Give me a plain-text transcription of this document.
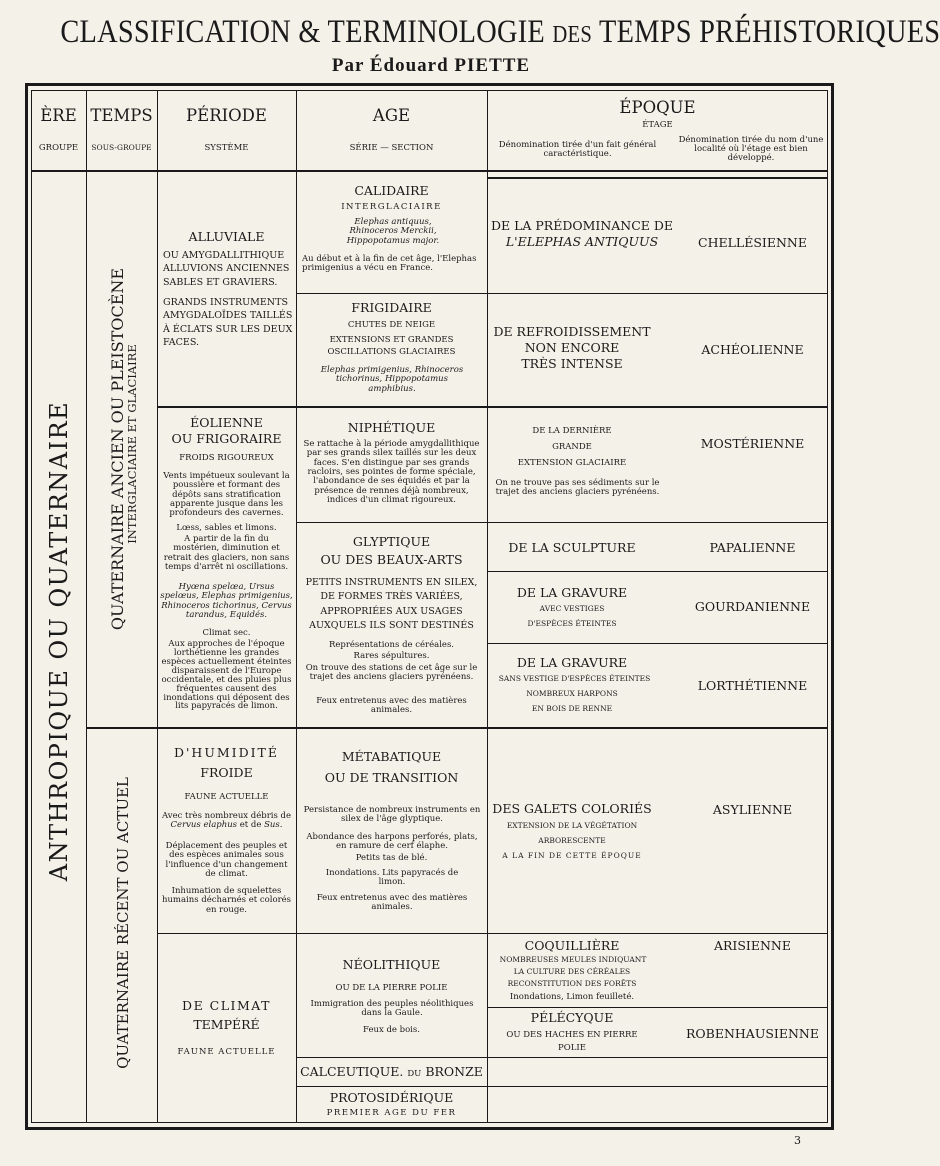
CLASSIFICATION & TERMINOLOGIE DES TEMPS PRÉHISTORIQUES
Par Édouard PIETTE
ÈRE
GROUPE
TEMPS
SOUS-GROUPE
PÉRIODE
SYSTÈME
AGE
SÉRIE — SECTION
ÉPOQUE
ÉTAGE
Dénomination tirée d'un fait général caractéristique.
Dénomination tirée du nom d'une localité où l'étage est bien développé.
ANTHROPIQUE OU QUATERNAIRE QUATERNAIRE ANCIEN OU PLEISTOCÈNE
INTERGLACIAIRE ET GLACIAIRE
QUATERNAIRE RÉCENT OU ACTUEL
ALLUVIALE
OU AMYGDALLITHIQUE ALLUVIONS ANCIENNES SABLES ET GRAVIERS.
GRANDS INSTRUMENTS AMYGDALOÏDES TAILLÉS À ÉCLATS SUR LES DEUX FACES.
ÉOLIENNE
OU FRIGORAIRE
FROIDS RIGOUREUX
Vents impétueux soulevant la poussière et formant des dépôts sans stratification apparente jusque dans les profondeurs des cavernes.
Lœss, sables et limons.
A partir de la fin du mostérien, diminution et retrait des glaciers, non sans temps d'arrêt ni oscillations.
Hyœna spelœa, Ursus spelœus, Elephas primigenius, Rhinoceros tichorinus, Cervus tarandus, Equidés.
Climat sec.
Aux approches de l'époque lorthétienne les grandes espèces actuellement éteintes disparaissent de l'Europe occidentale, et des pluies plus fréquentes causent des inondations qui déposent des lits papyracés de limon.
D'HUMIDITÉ
FROIDE
FAUNE ACTUELLE
Avec très nombreux débris de Cervus elaphus et de Sus.
Déplacement des peuples et des espèces animales sous l'influence d'un changement de climat.
Inhumation de squelettes humains décharnés et colorés en rouge.
DE CLIMAT
TEMPÉRÉ
FAUNE ACTUELLE
CALIDAIRE
INTERGLACIAIRE
Elephas antiquus, Rhinoceros Merckii, Hippopotamus major.
Au début et à la fin de cet âge, l'Elephas primigenius a vécu en France.
FRIGIDAIRE
CHUTES DE NEIGE
EXTENSIONS ET GRANDES OSCILLATIONS GLACIAIRES
Elephas primigenius, Rhinoceros tichorinus, Hippopotamus amphibius.
NIPHÉTIQUE
Se rattache à la période amygdallithique par ses grands silex taillés sur les deux faces. S'en distingue par ses grands racloirs, ses pointes de forme spéciale, l'abondance de ses équidés et par la présence de rennes déjà nombreux, indices d'un climat rigoureux.
GLYPTIQUE
OU DES BEAUX-ARTS
PETITS INSTRUMENTS EN SILEX, DE FORMES TRÈS VARIÉES, APPROPRIÉES AUX USAGES AUXQUELS ILS SONT DESTINÉS
Représentations de céréales.
Rares sépultures.
On trouve des stations de cet âge sur le trajet des anciens glaciers pyrénéens.
Feux entretenus avec des matières animales.
MÉTABATIQUE
OU DE TRANSITION
Persistance de nombreux instruments en silex de l'âge glyptique.
Abondance des harpons perforés, plats, en ramure de cerf élaphe.
Petits tas de blé.
Inondations. Lits papyracés de limon.
Feux entretenus avec des matières animales.
NÉOLITHIQUE
OU DE LA PIERRE POLIE
Immigration des peuples néolithiques dans la Gaule.
Feux de bois.
CALCEUTIQUE. DU BRONZE
PROTOSIDÉRIQUE
PREMIER AGE DU FER
DE LA PRÉDOMINANCE DE
L'ELEPHAS ANTIQUUS	CHELLÉSIENNE
DE REFROIDISSEMENT
NON ENCORE
TRÈS INTENSE
ACHÉOLIENNE
DE LA DERNIÈRE
GRANDE
EXTENSION GLACIAIRE
On ne trouve pas ses sédiments sur le trajet des anciens glaciers pyrénéens.
MOSTÉRIENNE
DE LA SCULPTURE	PAPALIENNE
DE LA GRAVURE
AVEC VESTIGES
D'ESPÈCES ÉTEINTES
GOURDANIENNE
DE LA GRAVURE
SANS VESTIGE D'ESPÈCES ÉTEINTES
NOMBREUX HARPONS
EN BOIS DE RENNE
LORTHÉTIENNE
DES GALETS COLORIÉS
EXTENSION DE LA VÉGÉTATION
ARBORESCENTE
A LA FIN DE CETTE ÉPOQUE
ASYLIENNE
COQUILLIÈRE
NOMBREUSES MEULES INDIQUANT
LA CULTURE DES CÉRÉALES
RECONSTITUTION DES FORÊTS
Inondations, Limon feuilleté.
ARISIENNE
PÉLÉCYQUE
OU DES HACHES EN PIERRE
POLIE
ROBENHAUSIENNE
3
